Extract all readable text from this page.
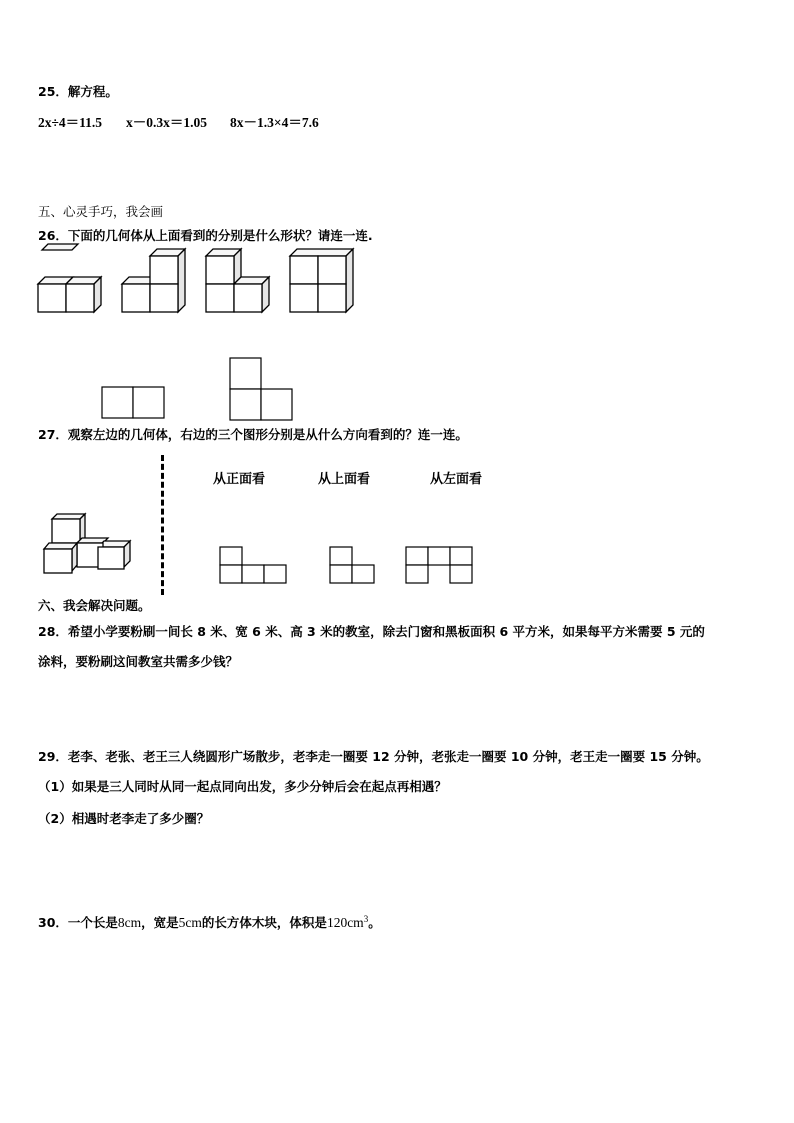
25．解方程。
2x÷4＝11.5 x－0.3x＝1.05 8x－1.3×4＝7.6
五、心灵手巧，我会画
26．下面的几何体从上面看到的分别是什么形状？请连一连.
27．观察左边的几何体，右边的三个图形分别是从什么方向看到的？连一连。
从正面看	从上面看	从左面看
六、我会解决问题。
28．希望小学要粉刷一间长 8 米、宽 6 米、高 3 米的教室，除去门窗和黑板面积 6 平方米，如果每平方米需要 5 元的
涂料，要粉刷这间教室共需多少钱？
29．老李、老张、老王三人绕圆形广场散步，老李走一圈要 12 分钟，老张走一圈要 10 分钟，老王走一圈要 15 分钟。
（1）如果是三人同时从同一起点同向出发，多少分钟后会在起点再相遇？
（2）相遇时老李走了多少圈？
30．一个长是8cm，宽是5cm的长方体木块，体积是$120cm^3$。
